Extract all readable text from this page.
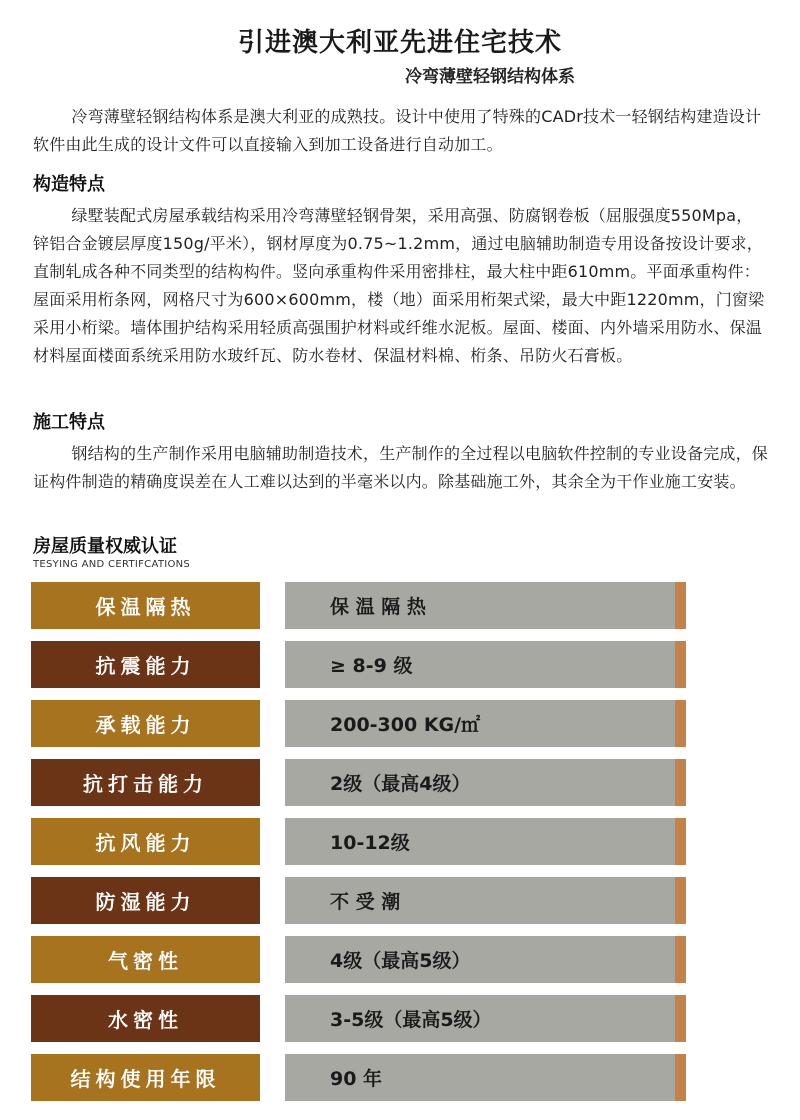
引进澳大利亚先进住宅技术
冷弯薄壁轻钢结构体系

冷弯薄壁轻钢结构体系是澳大利亚的成熟技。设计中使用了特殊的CADr技术一轻钢结构建造设计软件由此生成的设计文件可以直接输入到加工设备进行自动加工。

构造特点

绿墅装配式房屋承载结构采用冷弯薄壁轻钢骨架，采用高强、防腐钢卷板（屈服强度550Mpa，锌铝合金镀层厚度150g/平米），钢材厚度为0.75~1.2mm，通过电脑辅助制造专用设备按设计要求，直制轧成各种不同类型的结构构件。竖向承重构件采用密排柱，最大柱中距610mm。平面承重构件：屋面采用桁条网，网格尺寸为600×600mm，楼（地）面采用桁架式梁，最大中距1220mm，门窗梁采用小桁梁。墙体围护结构采用轻质高强围护材料或纤维水泥板。屋面、楼面、内外墙采用防水、保温材料屋面楼面系统采用防水玻纤瓦、防水卷材、保温材料棉、桁条、吊防火石膏板。

施工特点

钢结构的生产制作采用电脑辅助制造技术，生产制作的全过程以电脑软件控制的专业设备完成，保证构件制造的精确度误差在人工难以达到的半毫米以内。除基础施工外，其余全为干作业施工安装。

房屋质量权威认证
TESYING AND CERTIFCATIONS
保温隔热	保 温 隔 热
抗震能力	≥ 8-9 级
承载能力	200-300 KG/㎡
抗打击能力	2级（最高4级）
抗风能力	10-12级
防湿能力	不 受 潮
气密性	4级（最高5级）
水密性	3-5级（最高5级）
结构使用年限	90 年
